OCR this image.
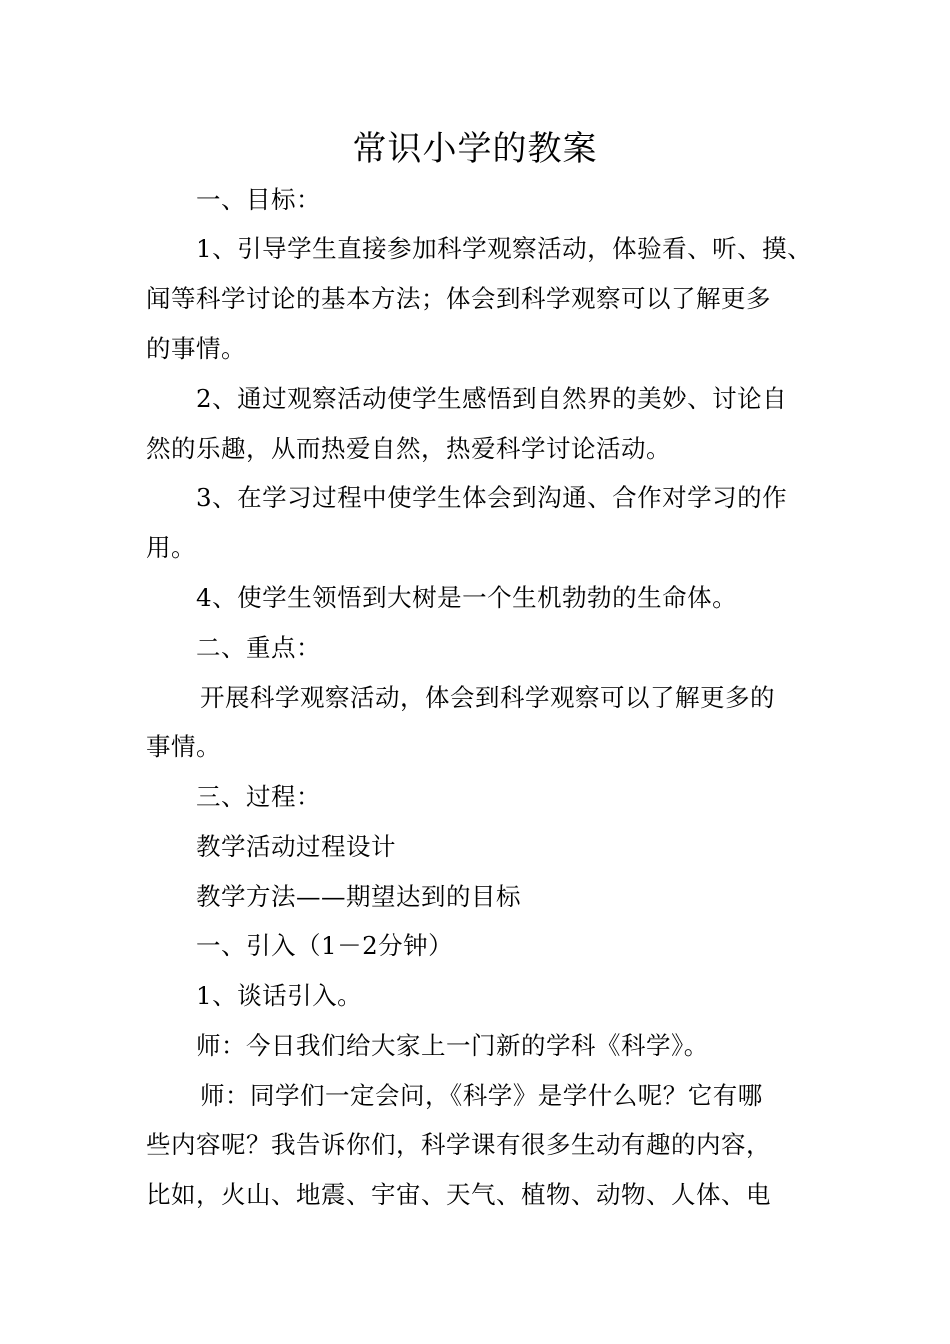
常识小学的教案
一、目标：
1、引导学生直接参加科学观察活动，体验看、听、摸、
闻等科学讨论的基本方法；体会到科学观察可以了解更多
的事情。
2、通过观察活动使学生感悟到自然界的美妙、讨论自
然的乐趣，从而热爱自然，热爱科学讨论活动。
3、在学习过程中使学生体会到沟通、合作对学习的作
用。
4、使学生领悟到大树是一个生机勃勃的生命体。
二、重点：
开展科学观察活动，体会到科学观察可以了解更多的
事情。
三、过程：
教学活动过程设计
教学方法——期望达到的目标
一、引入（1－2分钟）
1、谈话引入。
师：今日我们给大家上一门新的学科《科学》。
师：同学们一定会问，《科学》是学什么呢？它有哪
些内容呢？我告诉你们，科学课有很多生动有趣的内容，
比如，火山、地震、宇宙、天气、植物、动物、人体、电
